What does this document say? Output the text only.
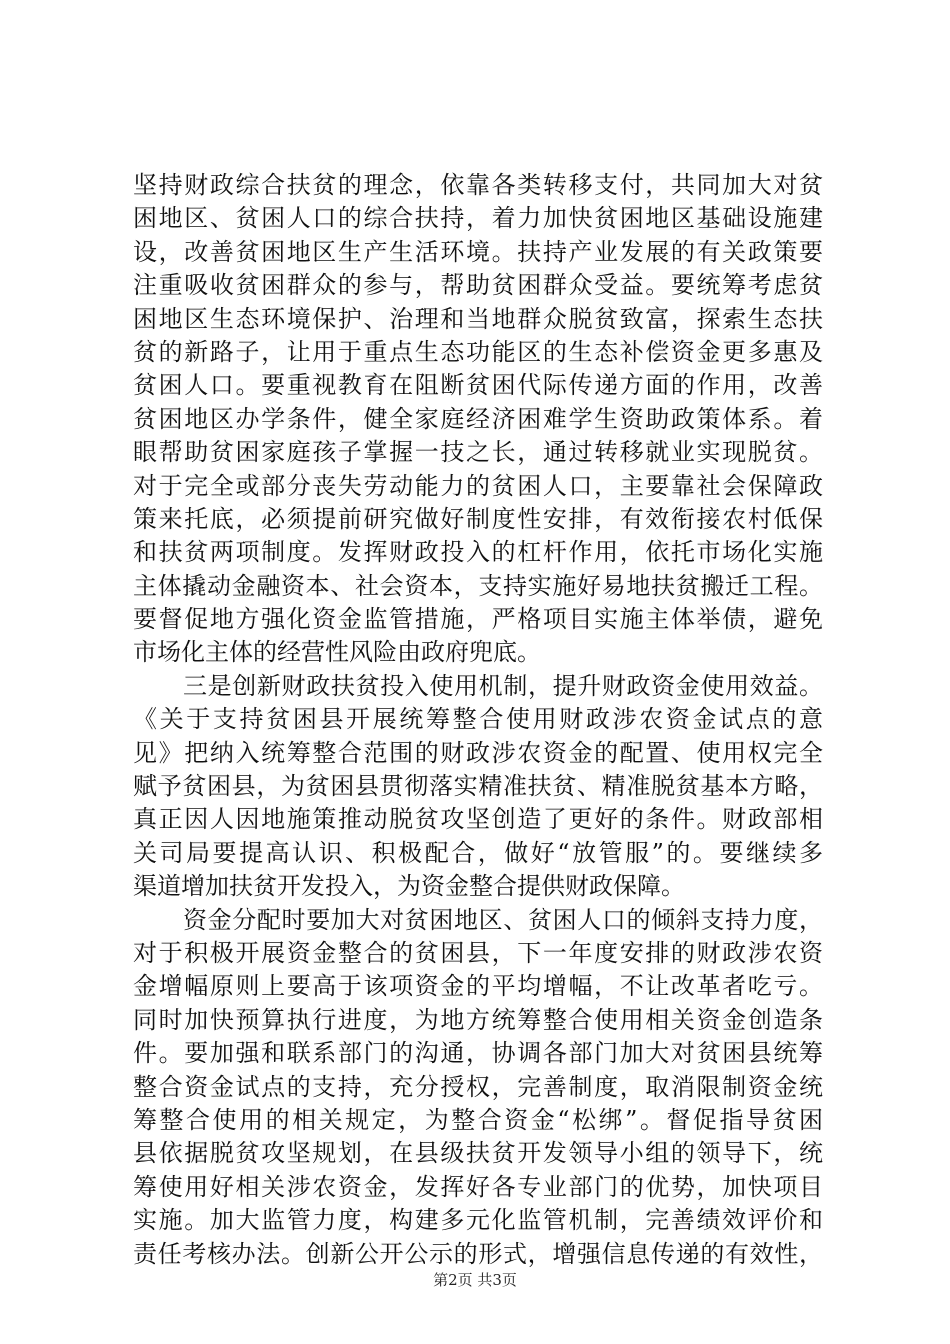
坚持财政综合扶贫的理念，依靠各类转移支付，共同加大对贫
困地区、贫困人口的综合扶持，着力加快贫困地区基础设施建
设，改善贫困地区生产生活环境。扶持产业发展的有关政策要
注重吸收贫困群众的参与，帮助贫困群众受益。要统筹考虑贫
困地区生态环境保护、治理和当地群众脱贫致富，探索生态扶
贫的新路子，让用于重点生态功能区的生态补偿资金更多惠及
贫困人口。要重视教育在阻断贫困代际传递方面的作用，改善
贫困地区办学条件，健全家庭经济困难学生资助政策体系。着
眼帮助贫困家庭孩子掌握一技之长，通过转移就业实现脱贫。
对于完全或部分丧失劳动能力的贫困人口，主要靠社会保障政
策来托底，必须提前研究做好制度性安排，有效衔接农村低保
和扶贫两项制度。发挥财政投入的杠杆作用，依托市场化实施
主体撬动金融资本、社会资本，支持实施好易地扶贫搬迁工程。
要督促地方强化资金监管措施，严格项目实施主体举债，避免
市场化主体的经营性风险由政府兜底。
三是创新财政扶贫投入使用机制，提升财政资金使用效益。
《关于支持贫困县开展统筹整合使用财政涉农资金试点的意
见》把纳入统筹整合范围的财政涉农资金的配置、使用权完全
赋予贫困县，为贫困县贯彻落实精准扶贫、精准脱贫基本方略，
真正因人因地施策推动脱贫攻坚创造了更好的条件。财政部相
关司局要提高认识、积极配合，做好“放管服”的。要继续多
渠道增加扶贫开发投入，为资金整合提供财政保障。
资金分配时要加大对贫困地区、贫困人口的倾斜支持力度，
对于积极开展资金整合的贫困县，下一年度安排的财政涉农资
金增幅原则上要高于该项资金的平均增幅，不让改革者吃亏。
同时加快预算执行进度，为地方统筹整合使用相关资金创造条
件。要加强和联系部门的沟通，协调各部门加大对贫困县统筹
整合资金试点的支持，充分授权，完善制度，取消限制资金统
筹整合使用的相关规定，为整合资金“松绑”。督促指导贫困
县依据脱贫攻坚规划，在县级扶贫开发领导小组的领导下，统
筹使用好相关涉农资金，发挥好各专业部门的优势，加快项目
实施。加大监管力度，构建多元化监管机制，完善绩效评价和
责任考核办法。创新公开公示的形式，增强信息传递的有效性，
第2页 共3页
